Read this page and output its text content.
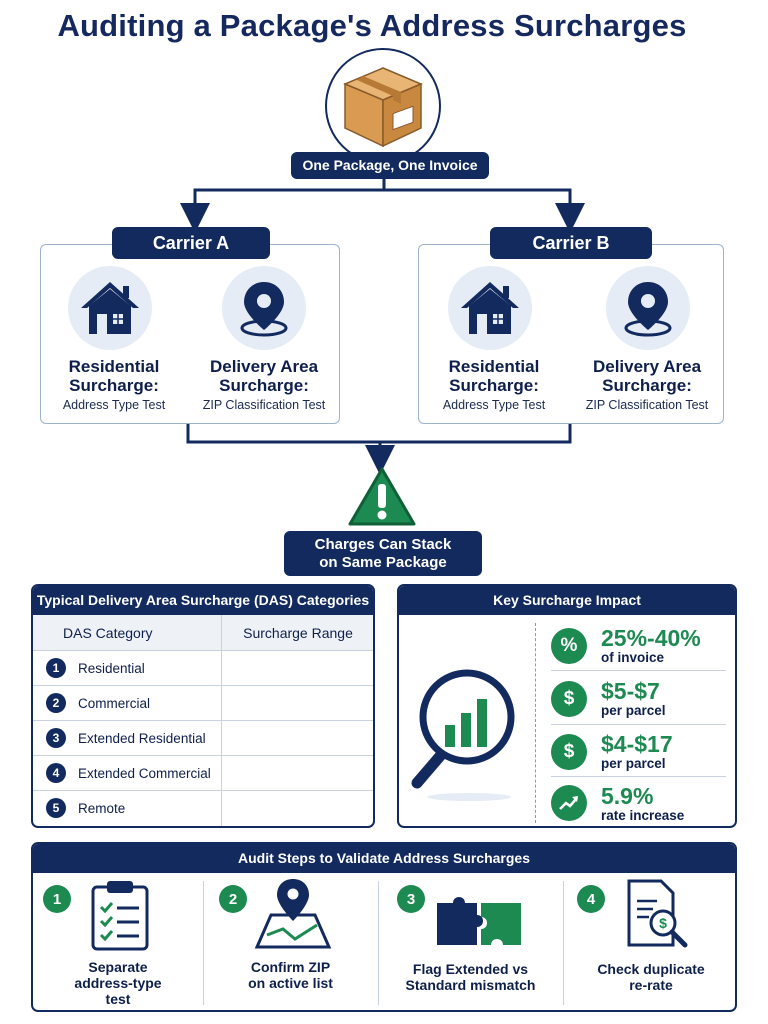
Auditing a Package's Address Surcharges
One Package, One Invoice
Carrier A
Residential
Surcharge:
Address Type Test
Delivery Area
Surcharge:
ZIP Classification Test
Carrier B
Residential
Surcharge:
Address Type Test
Delivery Area
Surcharge:
ZIP Classification Test
Charges Can Stack
on Same Package
Typical Delivery Area Surcharge (DAS) Categories
DAS Category	Surcharge Range
1	Residential
2	Commercial
3	Extended Residential
4	Extended Commercial
5	Remote
Key Surcharge Impact
%	25%-40%
of invoice
$	$5-$7
per parcel
$	$4-$17
per parcel
5.9%
rate increase
Audit Steps to Validate Address Surcharges
1
Separate
address-type
test
2
Confirm ZIP
on active list
3
Flag Extended vs
Standard mismatch
4
$
Check duplicate
re-rate
